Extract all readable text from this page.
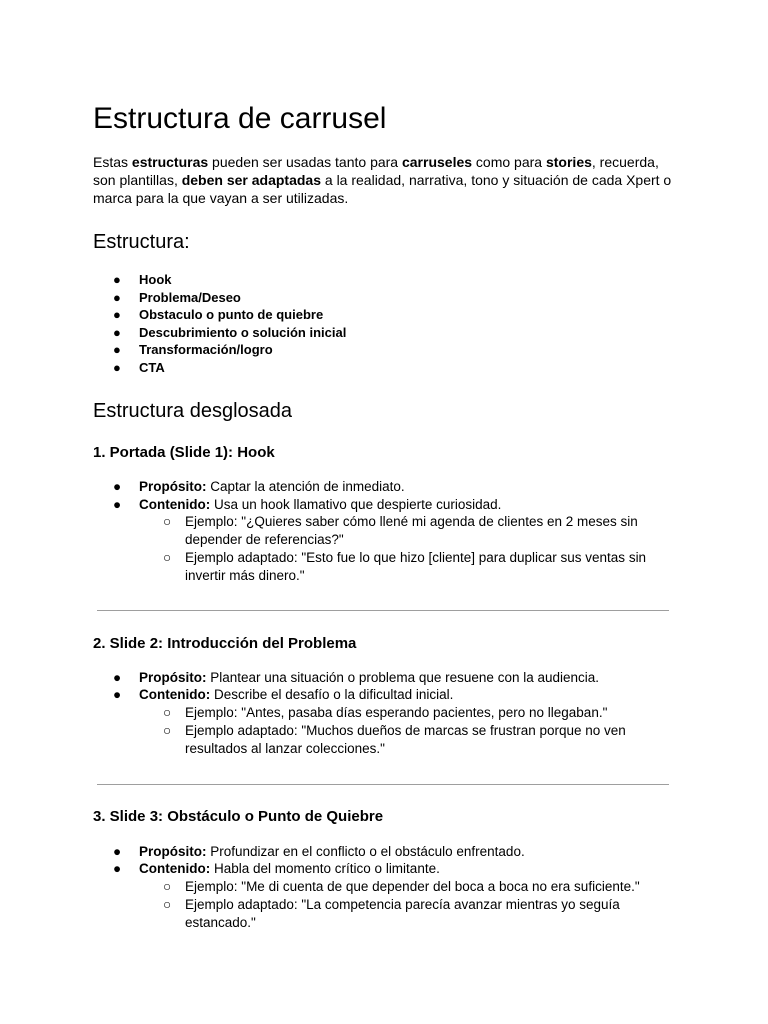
Estructura de carrusel

Estas estructuras pueden ser usadas tanto para carruseles como para stories, recuerda, son plantillas, deben ser adaptadas a la realidad, narrativa, tono y situación de cada Xpert o marca para la que vayan a ser utilizadas.

Estructura:
● Hook
● Problema/Deseo
● Obstaculo o punto de quiebre
● Descubrimiento o solución inicial
● Transformación/logro
● CTA
Estructura desglosada
1. Portada (Slide 1): Hook
● Propósito: Captar la atención de inmediato.
● Contenido: Usa un hook llamativo que despierte curiosidad.
○ Ejemplo: "¿Quieres saber cómo llené mi agenda de clientes en 2 meses sin depender de referencias?"
○ Ejemplo adaptado: "Esto fue lo que hizo [cliente] para duplicar sus ventas sin invertir más dinero."
2. Slide 2: Introducción del Problema
● Propósito: Plantear una situación o problema que resuene con la audiencia.
● Contenido: Describe el desafío o la dificultad inicial.
○ Ejemplo: "Antes, pasaba días esperando pacientes, pero no llegaban."
○ Ejemplo adaptado: "Muchos dueños de marcas se frustran porque no ven resultados al lanzar colecciones."
3. Slide 3: Obstáculo o Punto de Quiebre
● Propósito: Profundizar en el conflicto o el obstáculo enfrentado.
● Contenido: Habla del momento crítico o limitante.
○ Ejemplo: "Me di cuenta de que depender del boca a boca no era suficiente."
○ Ejemplo adaptado: "La competencia parecía avanzar mientras yo seguía estancado."
